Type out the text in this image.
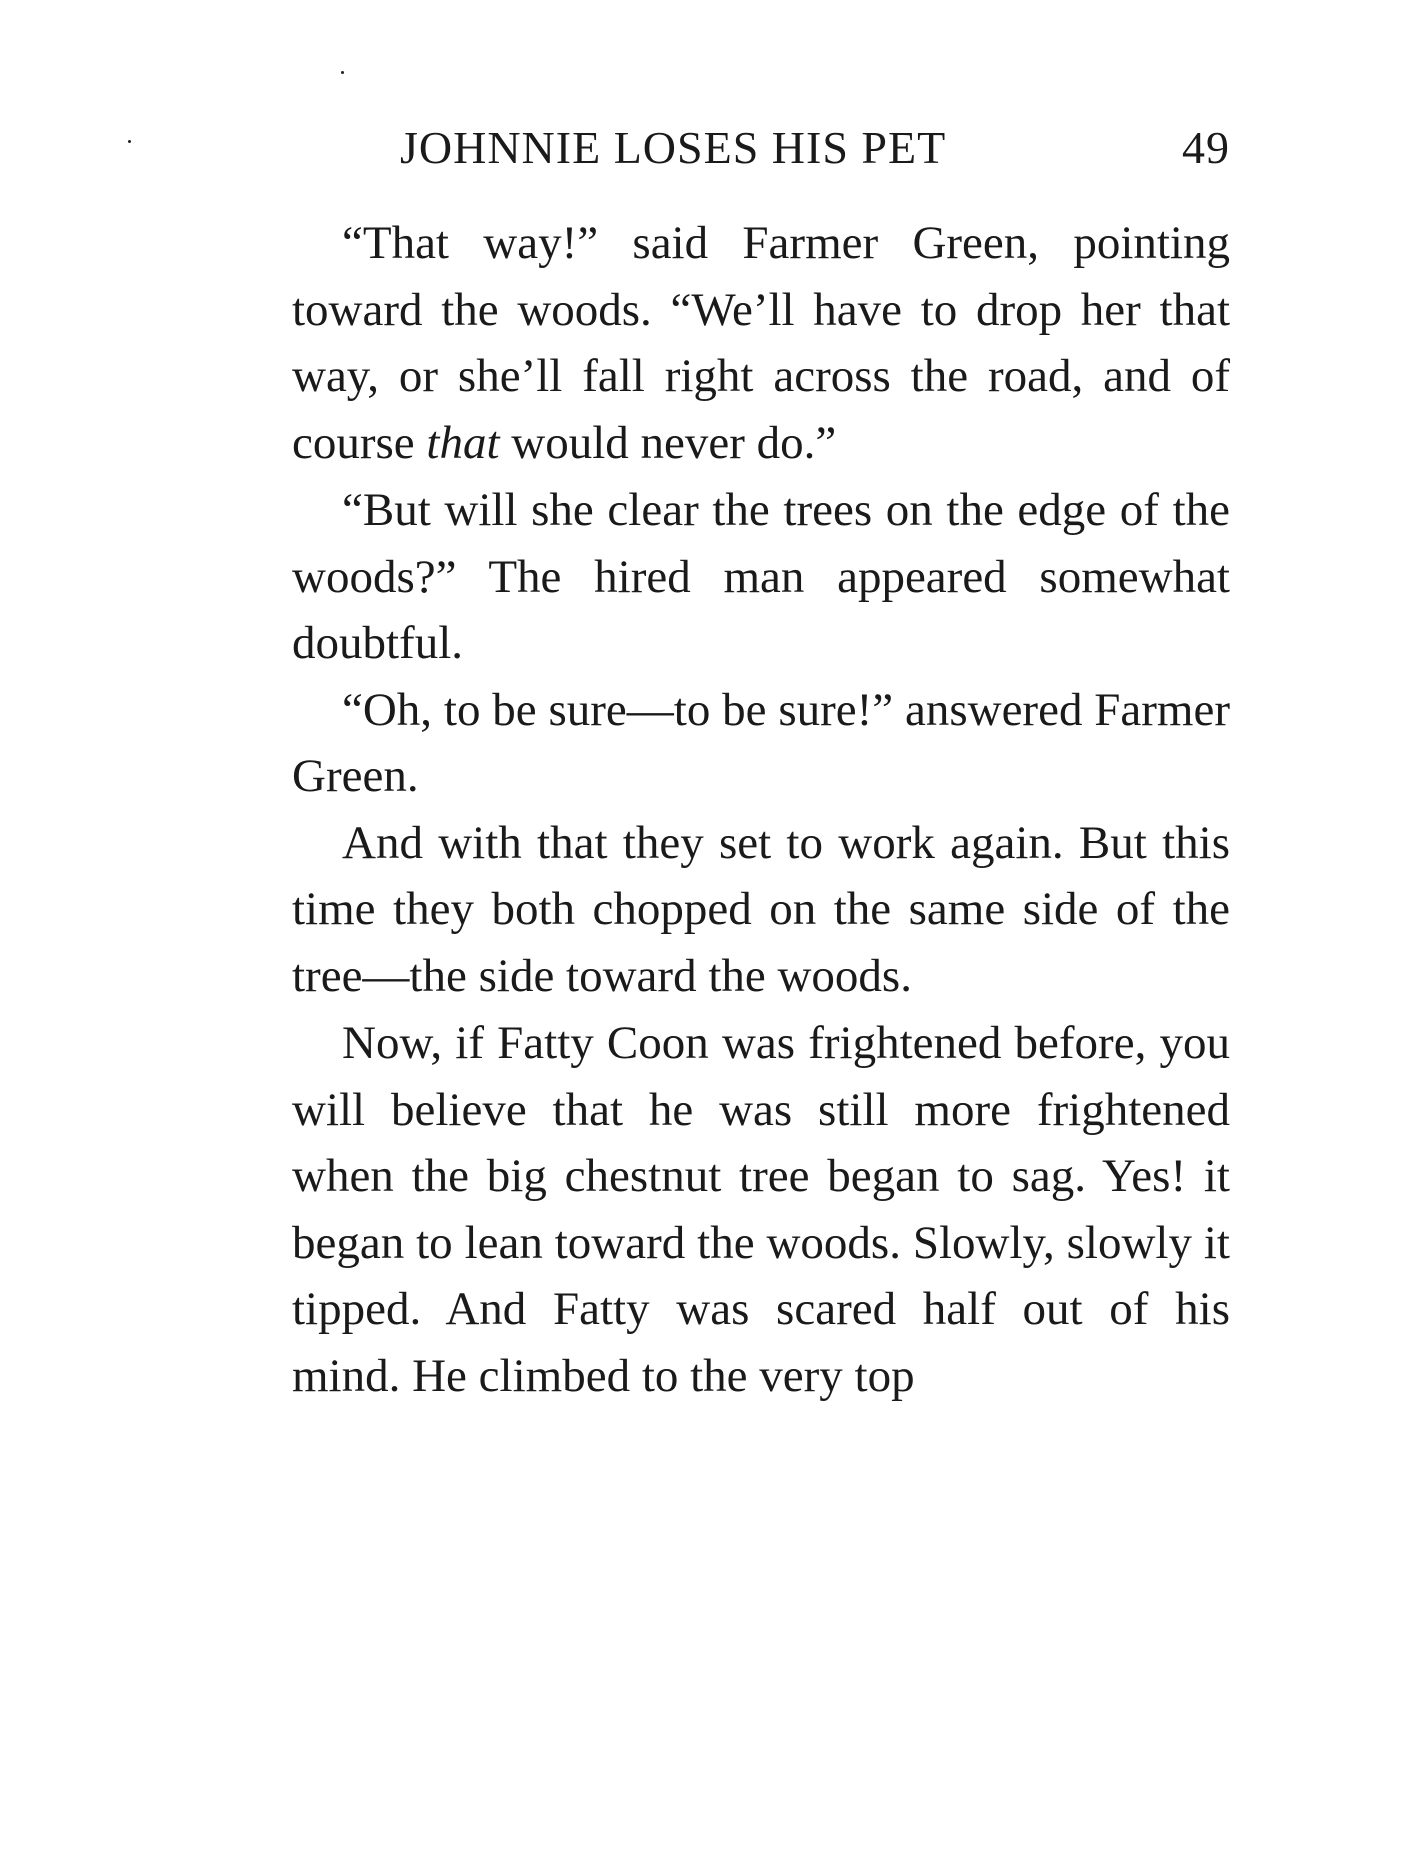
JOHNNIE LOSES HIS PET	49

“That way!” said Farmer Green, pointing toward the woods. “We’ll have to drop her that way, or she’ll fall right across the road, and of course that would never do.”

“But will she clear the trees on the edge of the woods?” The hired man appeared somewhat doubtful.

“Oh, to be sure—to be sure!” answered Farmer Green.

And with that they set to work again. But this time they both chopped on the same side of the tree—the side toward the woods.

Now, if Fatty Coon was frightened before, you will believe that he was still more frightened when the big chestnut tree began to sag. Yes! it began to lean toward the woods. Slowly, slowly it tipped. And Fatty was scared half out of his mind. He climbed to the very top
